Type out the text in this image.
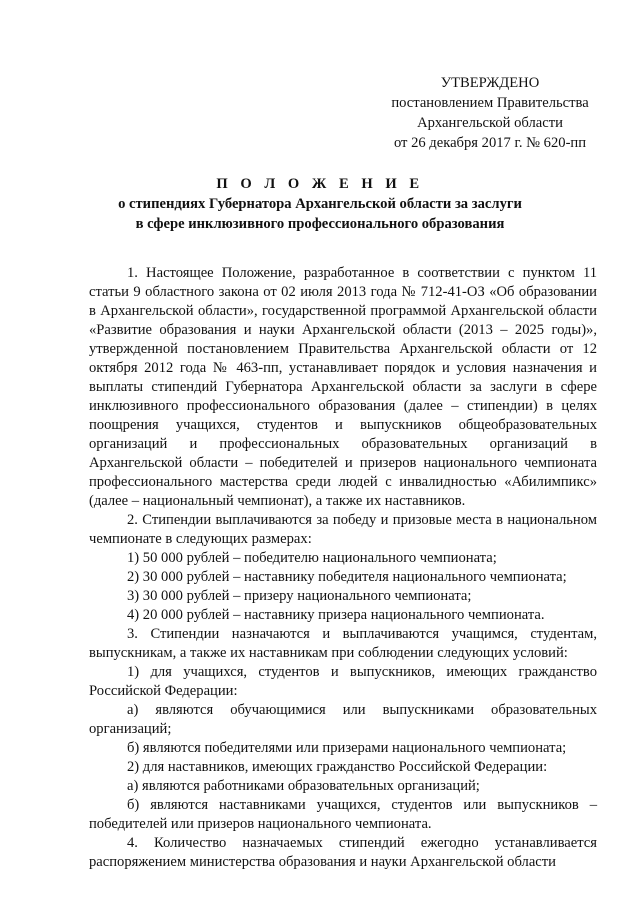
УТВЕРЖДЕНО
постановлением Правительства
Архангельской области
от 26 декабря 2017 г. № 620-пп
П О Л О Ж Е Н И Е
о стипендиях Губернатора Архангельской области за заслуги
в сфере инклюзивного профессионального образования

1. Настоящее Положение, разработанное в соответствии с пунктом 11 статьи 9 областного закона от 02 июля 2013 года № 712-41-ОЗ «Об образовании в Архангельской области», государственной программой Архангельской области «Развитие образования и науки Архангельской области (2013 – 2025 годы)», утвержденной постановлением Правительства Архангельской области от 12 октября 2012 года № 463-пп, устанавливает порядок и условия назначения и выплаты стипендий Губернатора Архангельской области за заслуги в сфере инклюзивного профессионального образования (далее – стипендии) в целях поощрения учащихся, студентов и выпускников общеобразовательных организаций и профессиональных образовательных организаций в Архангельской области – победителей и призеров национального чемпионата профессионального мастерства среди людей с инвалидностью «Абилимпикс» (далее – национальный чемпионат), а также их наставников.

2. Стипендии выплачиваются за победу и призовые места в национальном чемпионате в следующих размерах:

1) 50 000 рублей – победителю национального чемпионата;

2) 30 000 рублей – наставнику победителя национального чемпионата;

3) 30 000 рублей – призеру национального чемпионата;

4) 20 000 рублей – наставнику призера национального чемпионата.

3. Стипендии назначаются и выплачиваются учащимся, студентам, выпускникам, а также их наставникам при соблюдении следующих условий:

1) для учащихся, студентов и выпускников, имеющих гражданство Российской Федерации:

а) являются обучающимися или выпускниками образовательных организаций;

б) являются победителями или призерами национального чемпионата;

2) для наставников, имеющих гражданство Российской Федерации:

а) являются работниками образовательных организаций;

б) являются наставниками учащихся, студентов или выпускников – победителей или призеров национального чемпионата.

4. Количество назначаемых стипендий ежегодно устанавливается распоряжением министерства образования и науки Архангельской области
